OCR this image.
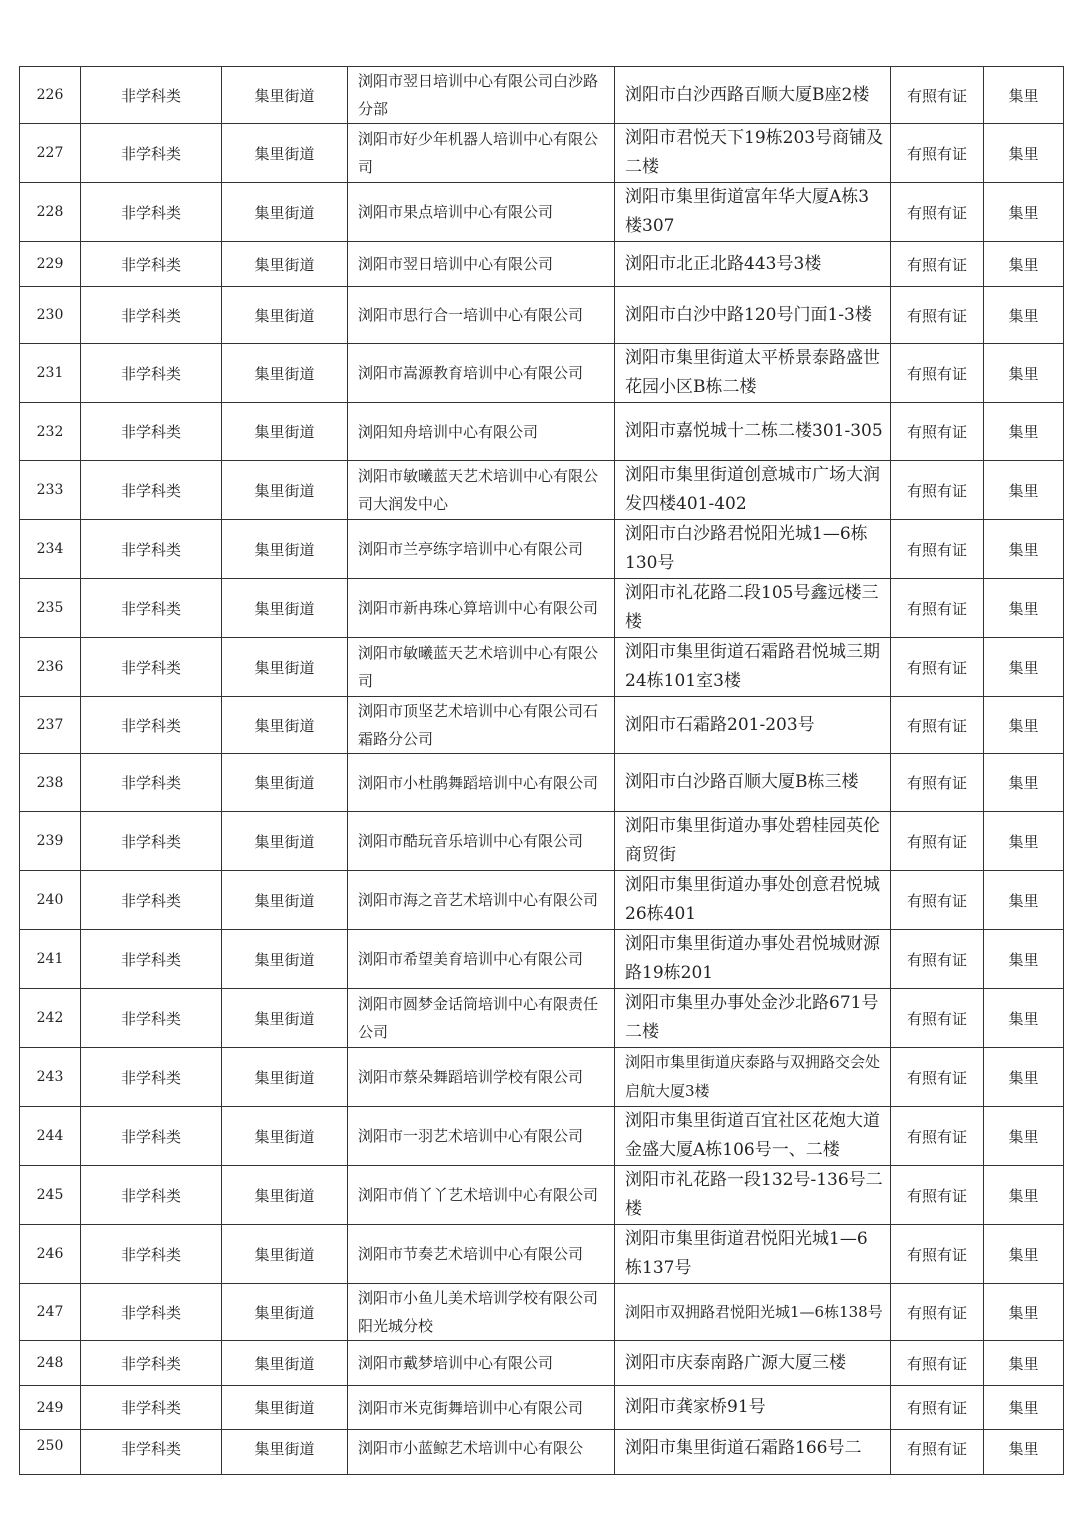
226	非学科类	集里街道	浏阳市翌日培训中心有限公司白沙路分部	浏阳市白沙西路百顺大厦B座2楼	有照有证	集里
227	非学科类	集里街道	浏阳市好少年机器人培训中心有限公司	浏阳市君悦天下19栋203号商铺及二楼	有照有证	集里
228	非学科类	集里街道	浏阳市果点培训中心有限公司	浏阳市集里街道富年华大厦A栋3楼307	有照有证	集里
229	非学科类	集里街道	浏阳市翌日培训中心有限公司	浏阳市北正北路443号3楼	有照有证	集里
230	非学科类	集里街道	浏阳市思行合一培训中心有限公司	浏阳市白沙中路120号门面1-3楼	有照有证	集里
231	非学科类	集里街道	浏阳市嵩源教育培训中心有限公司	浏阳市集里街道太平桥景泰路盛世花园小区B栋二楼	有照有证	集里
232	非学科类	集里街道	浏阳知舟培训中心有限公司	浏阳市嘉悦城十二栋二楼301-305	有照有证	集里
233	非学科类	集里街道	浏阳市敏曦蓝天艺术培训中心有限公司大润发中心	浏阳市集里街道创意城市广场大润发四楼401-402	有照有证	集里
234	非学科类	集里街道	浏阳市兰亭练字培训中心有限公司	浏阳市白沙路君悦阳光城1—6栋130号	有照有证	集里
235	非学科类	集里街道	浏阳市新冉珠心算培训中心有限公司	浏阳市礼花路二段105号鑫远楼三楼	有照有证	集里
236	非学科类	集里街道	浏阳市敏曦蓝天艺术培训中心有限公司	浏阳市集里街道石霜路君悦城三期24栋101室3楼	有照有证	集里
237	非学科类	集里街道	浏阳市顶坚艺术培训中心有限公司石霜路分公司	浏阳市石霜路201-203号	有照有证	集里
238	非学科类	集里街道	浏阳市小杜鹃舞蹈培训中心有限公司	浏阳市白沙路百顺大厦B栋三楼	有照有证	集里
239	非学科类	集里街道	浏阳市酷玩音乐培训中心有限公司	浏阳市集里街道办事处碧桂园英伦商贸街	有照有证	集里
240	非学科类	集里街道	浏阳市海之音艺术培训中心有限公司	浏阳市集里街道办事处创意君悦城26栋401	有照有证	集里
241	非学科类	集里街道	浏阳市希望美育培训中心有限公司	浏阳市集里街道办事处君悦城财源路19栋201	有照有证	集里
242	非学科类	集里街道	浏阳市圆梦金话筒培训中心有限责任公司	浏阳市集里办事处金沙北路671号二楼	有照有证	集里
243	非学科类	集里街道	浏阳市蔡朵舞蹈培训学校有限公司	浏阳市集里街道庆泰路与双拥路交会处启航大厦3楼	有照有证	集里
244	非学科类	集里街道	浏阳市一羽艺术培训中心有限公司	浏阳市集里街道百宜社区花炮大道金盛大厦A栋106号一、二楼	有照有证	集里
245	非学科类	集里街道	浏阳市俏丫丫艺术培训中心有限公司	浏阳市礼花路一段132号-136号二楼	有照有证	集里
246	非学科类	集里街道	浏阳市节奏艺术培训中心有限公司	浏阳市集里街道君悦阳光城1—6栋137号	有照有证	集里
247	非学科类	集里街道	浏阳市小鱼儿美术培训学校有限公司阳光城分校	浏阳市双拥路君悦阳光城1—6栋138号	有照有证	集里
248	非学科类	集里街道	浏阳市戴梦培训中心有限公司	浏阳市庆泰南路广源大厦三楼	有照有证	集里
249	非学科类	集里街道	浏阳市米克街舞培训中心有限公司	浏阳市龚家桥91号	有照有证	集里
250	非学科类	集里街道	浏阳市小蓝鲸艺术培训中心有限公	浏阳市集里街道石霜路166号二	有照有证	集里
